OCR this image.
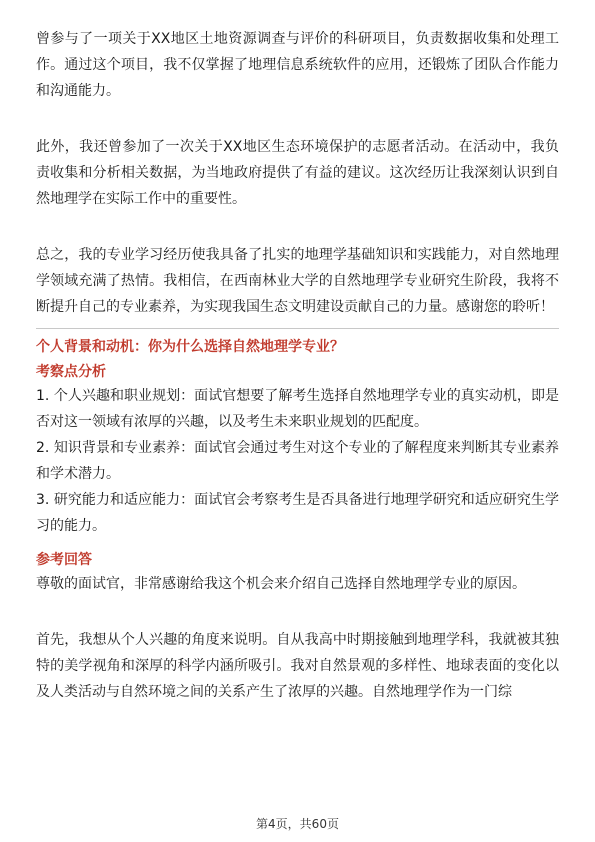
曾参与了一项关于XX地区土地资源调查与评价的科研项目，负责数据收集和处理工作。通过这个项目，我不仅掌握了地理信息系统软件的应用，还锻炼了团队合作能力和沟通能力。

此外，我还曾参加了一次关于XX地区生态环境保护的志愿者活动。在活动中，我负责收集和分析相关数据，为当地政府提供了有益的建议。这次经历让我深刻认识到自然地理学在实际工作中的重要性。

总之，我的专业学习经历使我具备了扎实的地理学基础知识和实践能力，对自然地理学领域充满了热情。我相信，在西南林业大学的自然地理学专业研究生阶段，我将不断提升自己的专业素养，为实现我国生态文明建设贡献自己的力量。感谢您的聆听！

个人背景和动机：你为什么选择自然地理学专业？

考察点分析

1. 个人兴趣和职业规划：面试官想要了解考生选择自然地理学专业的真实动机，即是否对这一领域有浓厚的兴趣，以及考生未来职业规划的匹配度。

2. 知识背景和专业素养：面试官会通过考生对这个专业的了解程度来判断其专业素养和学术潜力。

3. 研究能力和适应能力：面试官会考察考生是否具备进行地理学研究和适应研究生学习的能力。

参考回答

尊敬的面试官，非常感谢给我这个机会来介绍自己选择自然地理学专业的原因。

首先，我想从个人兴趣的角度来说明。自从我高中时期接触到地理学科，我就被其独特的美学视角和深厚的科学内涵所吸引。我对自然景观的多样性、地球表面的变化以及人类活动与自然环境之间的关系产生了浓厚的兴趣。自然地理学作为一门综

第4页，共60页
